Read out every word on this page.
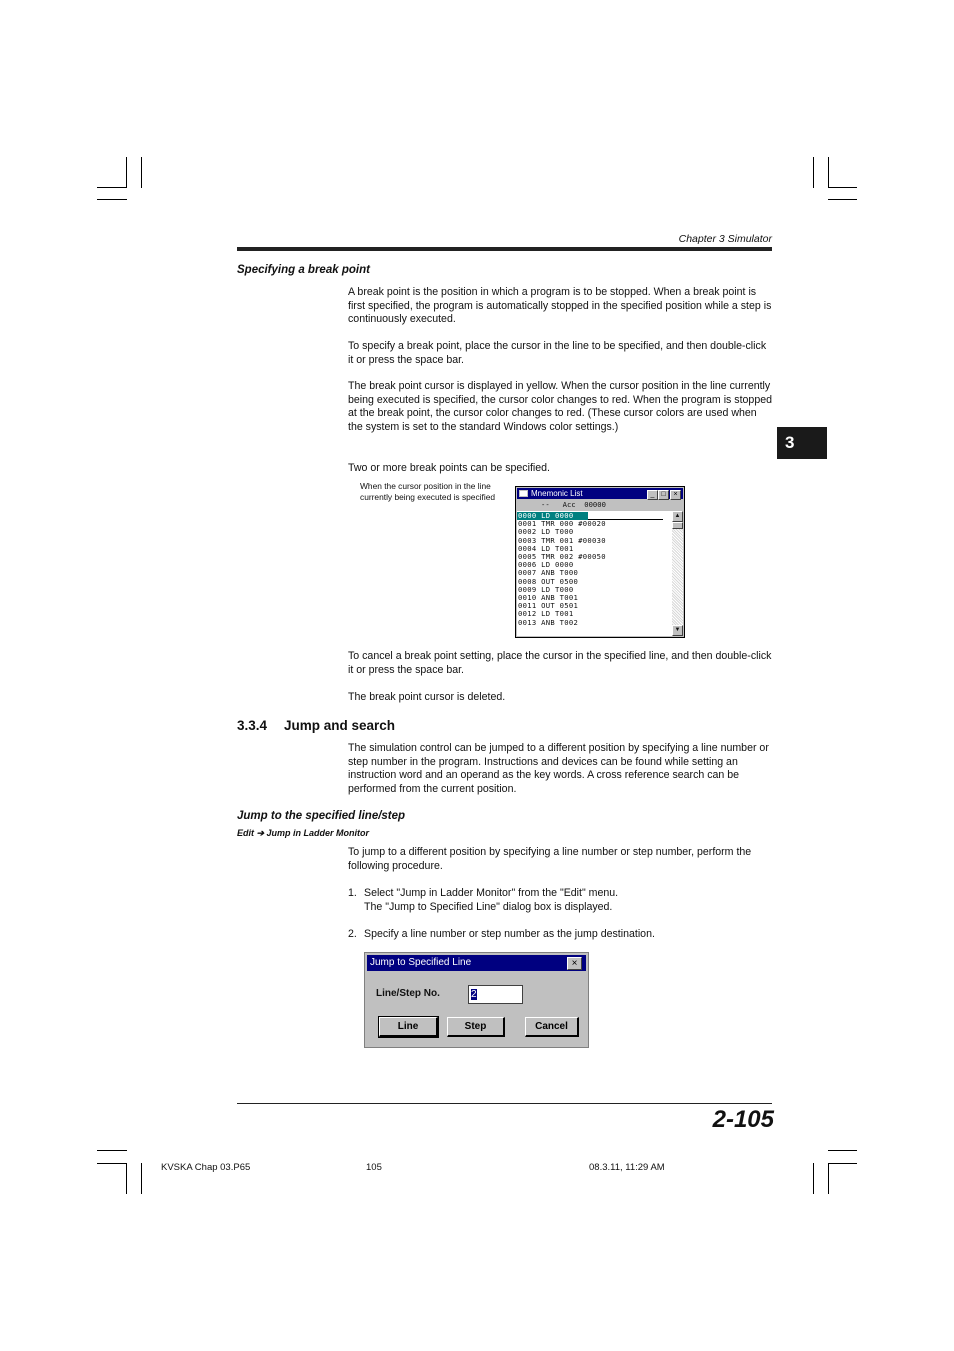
Chapter 3 Simulator
3
Specifying a break point
A break point is the position in which a program is to be stopped. When a break point is first specified, the program is automatically stopped in the specified position while a step is continuously executed.
To specify a break point, place the cursor in the line to be specified, and then double-click it or press the space bar.
The break point cursor is displayed in yellow. When the cursor position in the line currently being executed is specified, the cursor color changes to red. When the program is stopped at the break point, the cursor color changes to red. (These cursor colors are used when the system is set to the standard Windows color settings.)
Two or more break points can be specified.
When the cursor position in the line currently being executed is specified	Mnemonic List	_ □	×
--   Acc  00000
0000 LD 0000
0001 TMR 000 #00020
0002 LD T000
0003 TMR 001 #00030
0004 LD T001
0005 TMR 002 #00050
0006 LD 0000
0007 ANB T000
0008 OUT 0500
0009 LD T000
0010 ANB T001
0011 OUT 0501
0012 LD T001
0013 ANB T002
▲
▼
To cancel a break point setting, place the cursor in the specified line, and then double-click it or press the space bar.
The break point cursor is deleted.
3.3.4 Jump and search
The simulation control can be jumped to a different position by specifying a line number or step number in the program. Instructions and devices can be found while setting an instruction word and an operand as the key words. A cross reference search can be performed from the current position.
Jump to the specified line/step
Edit ➔ Jump in Ladder Monitor
To jump to a different position by specifying a line number or step number, perform the following procedure.
1. Select "Jump in Ladder Monitor" from the "Edit" menu.
The "Jump to Specified Line" dialog box is displayed.
2. Specify a line number or step number as the jump destination.
Jump to Specified Line	×
Line/Step No.	2
Line	Step	Cancel
2-105
KVSKA Chap 03.P65	105	08.3.11, 11:29 AM
